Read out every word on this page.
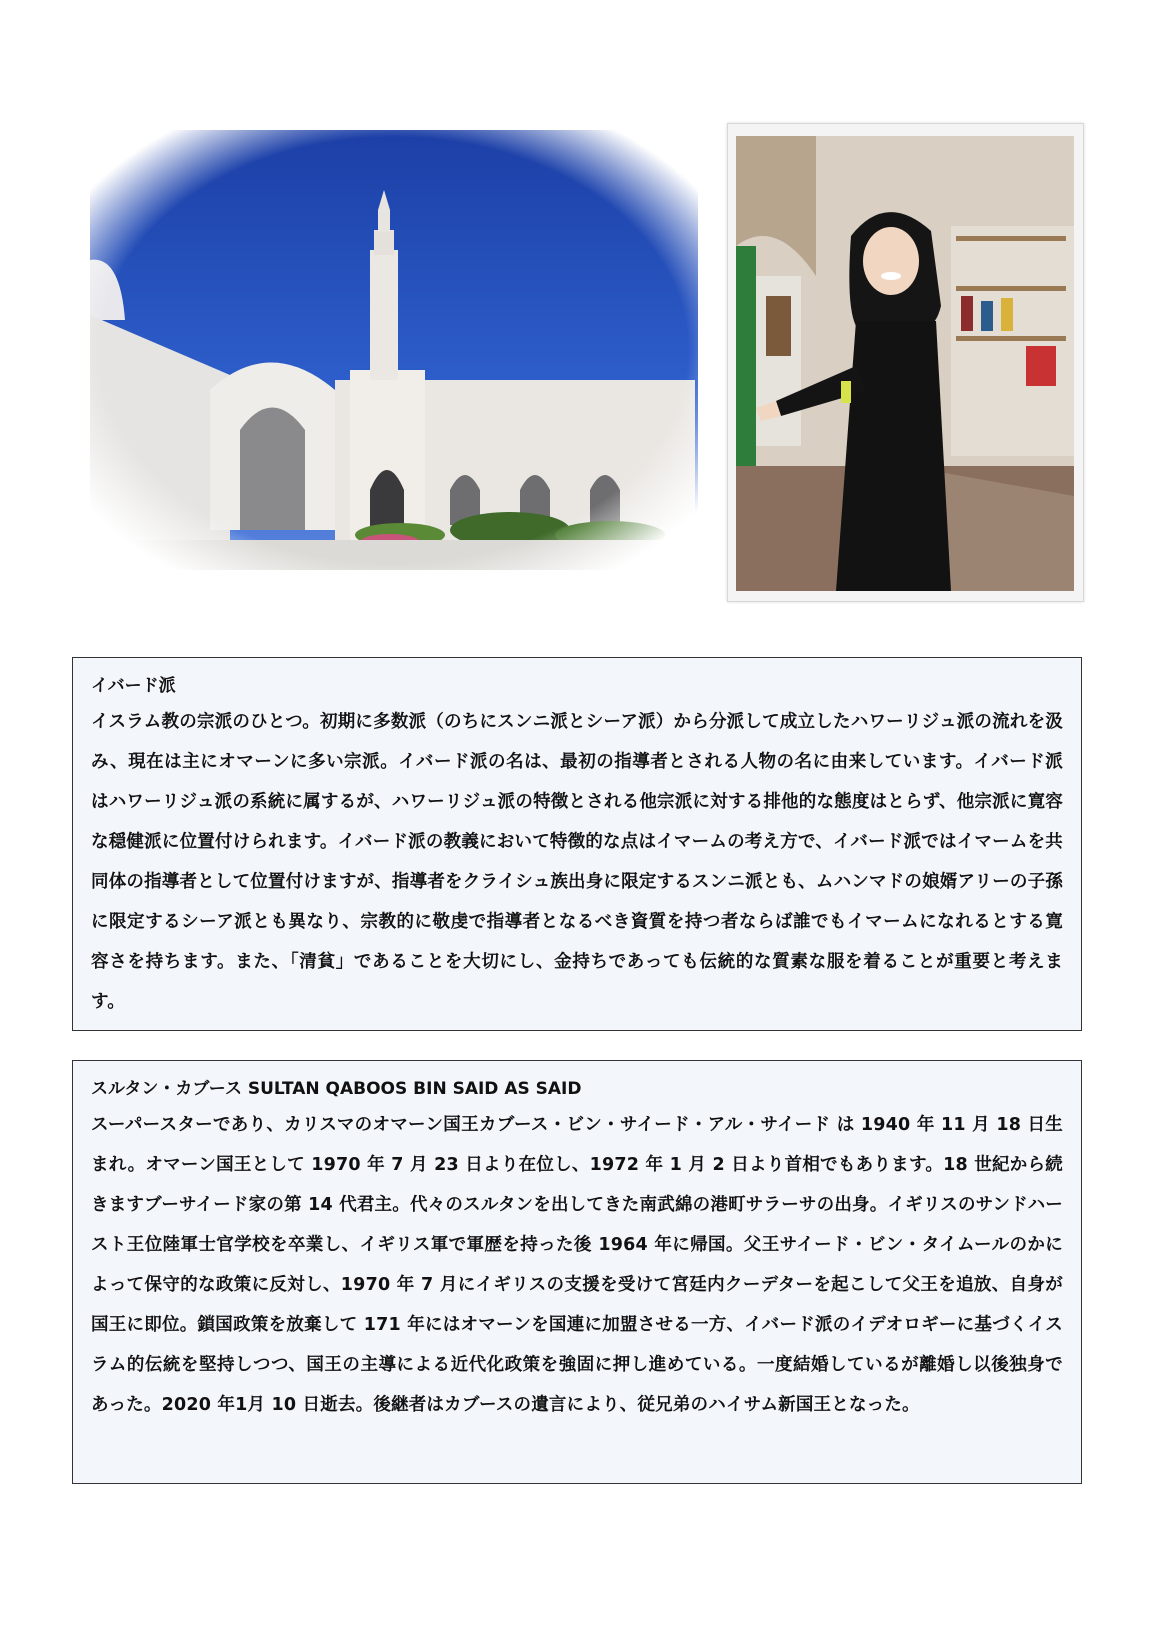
イバード派

イスラム教の宗派のひとつ。初期に多数派（のちにスンニ派とシーア派）から分派して成立したハワーリジュ派の流れを汲み、現在は主にオマーンに多い宗派。イバード派の名は、最初の指導者とされる人物の名に由来しています。イバード派はハワーリジュ派の系統に属するが、ハワーリジュ派の特徴とされる他宗派に対する排他的な態度はとらず、他宗派に寛容な穏健派に位置付けられます。イバード派の教義において特徴的な点はイマームの考え方で、イバード派ではイマームを共同体の指導者として位置付けますが、指導者をクライシュ族出身に限定するスンニ派とも、ムハンマドの娘婿アリーの子孫に限定するシーア派とも異なり、宗教的に敬虔で指導者となるべき資質を持つ者ならば誰でもイマームになれるとする寛容さを持ちます。また、「清貧」であることを大切にし、金持ちであっても伝統的な質素な服を着ることが重要と考えます。

スルタン・カブース SULTAN QABOOS BIN SAID AS SAID

スーパースターであり、カリスマのオマーン国王カブース・ビン・サイード・アル・サイード は 1940 年 11 月 18 日生まれ。オマーン国王として 1970 年 7 月 23 日より在位し、1972 年 1 月 2 日より首相でもあります。18 世紀から続きますブーサイード家の第 14 代君主。代々のスルタンを出してきた南武綿の港町サラーサの出身。イギリスのサンドハースト王位陸軍士官学校を卒業し、イギリス軍で軍歴を持った後 1964 年に帰国。父王サイード・ビン・タイムールのかによって保守的な政策に反対し、1970 年 7 月にイギリスの支援を受けて宮廷内クーデターを起こして父王を追放、自身が国王に即位。鎖国政策を放棄して 171 年にはオマーンを国連に加盟させる一方、イバード派のイデオロギーに基づくイスラム的伝統を堅持しつつ、国王の主導による近代化政策を強固に押し進めている。一度結婚しているが離婚し以後独身であった。2020 年1月 10 日逝去。後継者はカブースの遺言により、従兄弟のハイサム新国王となった。
